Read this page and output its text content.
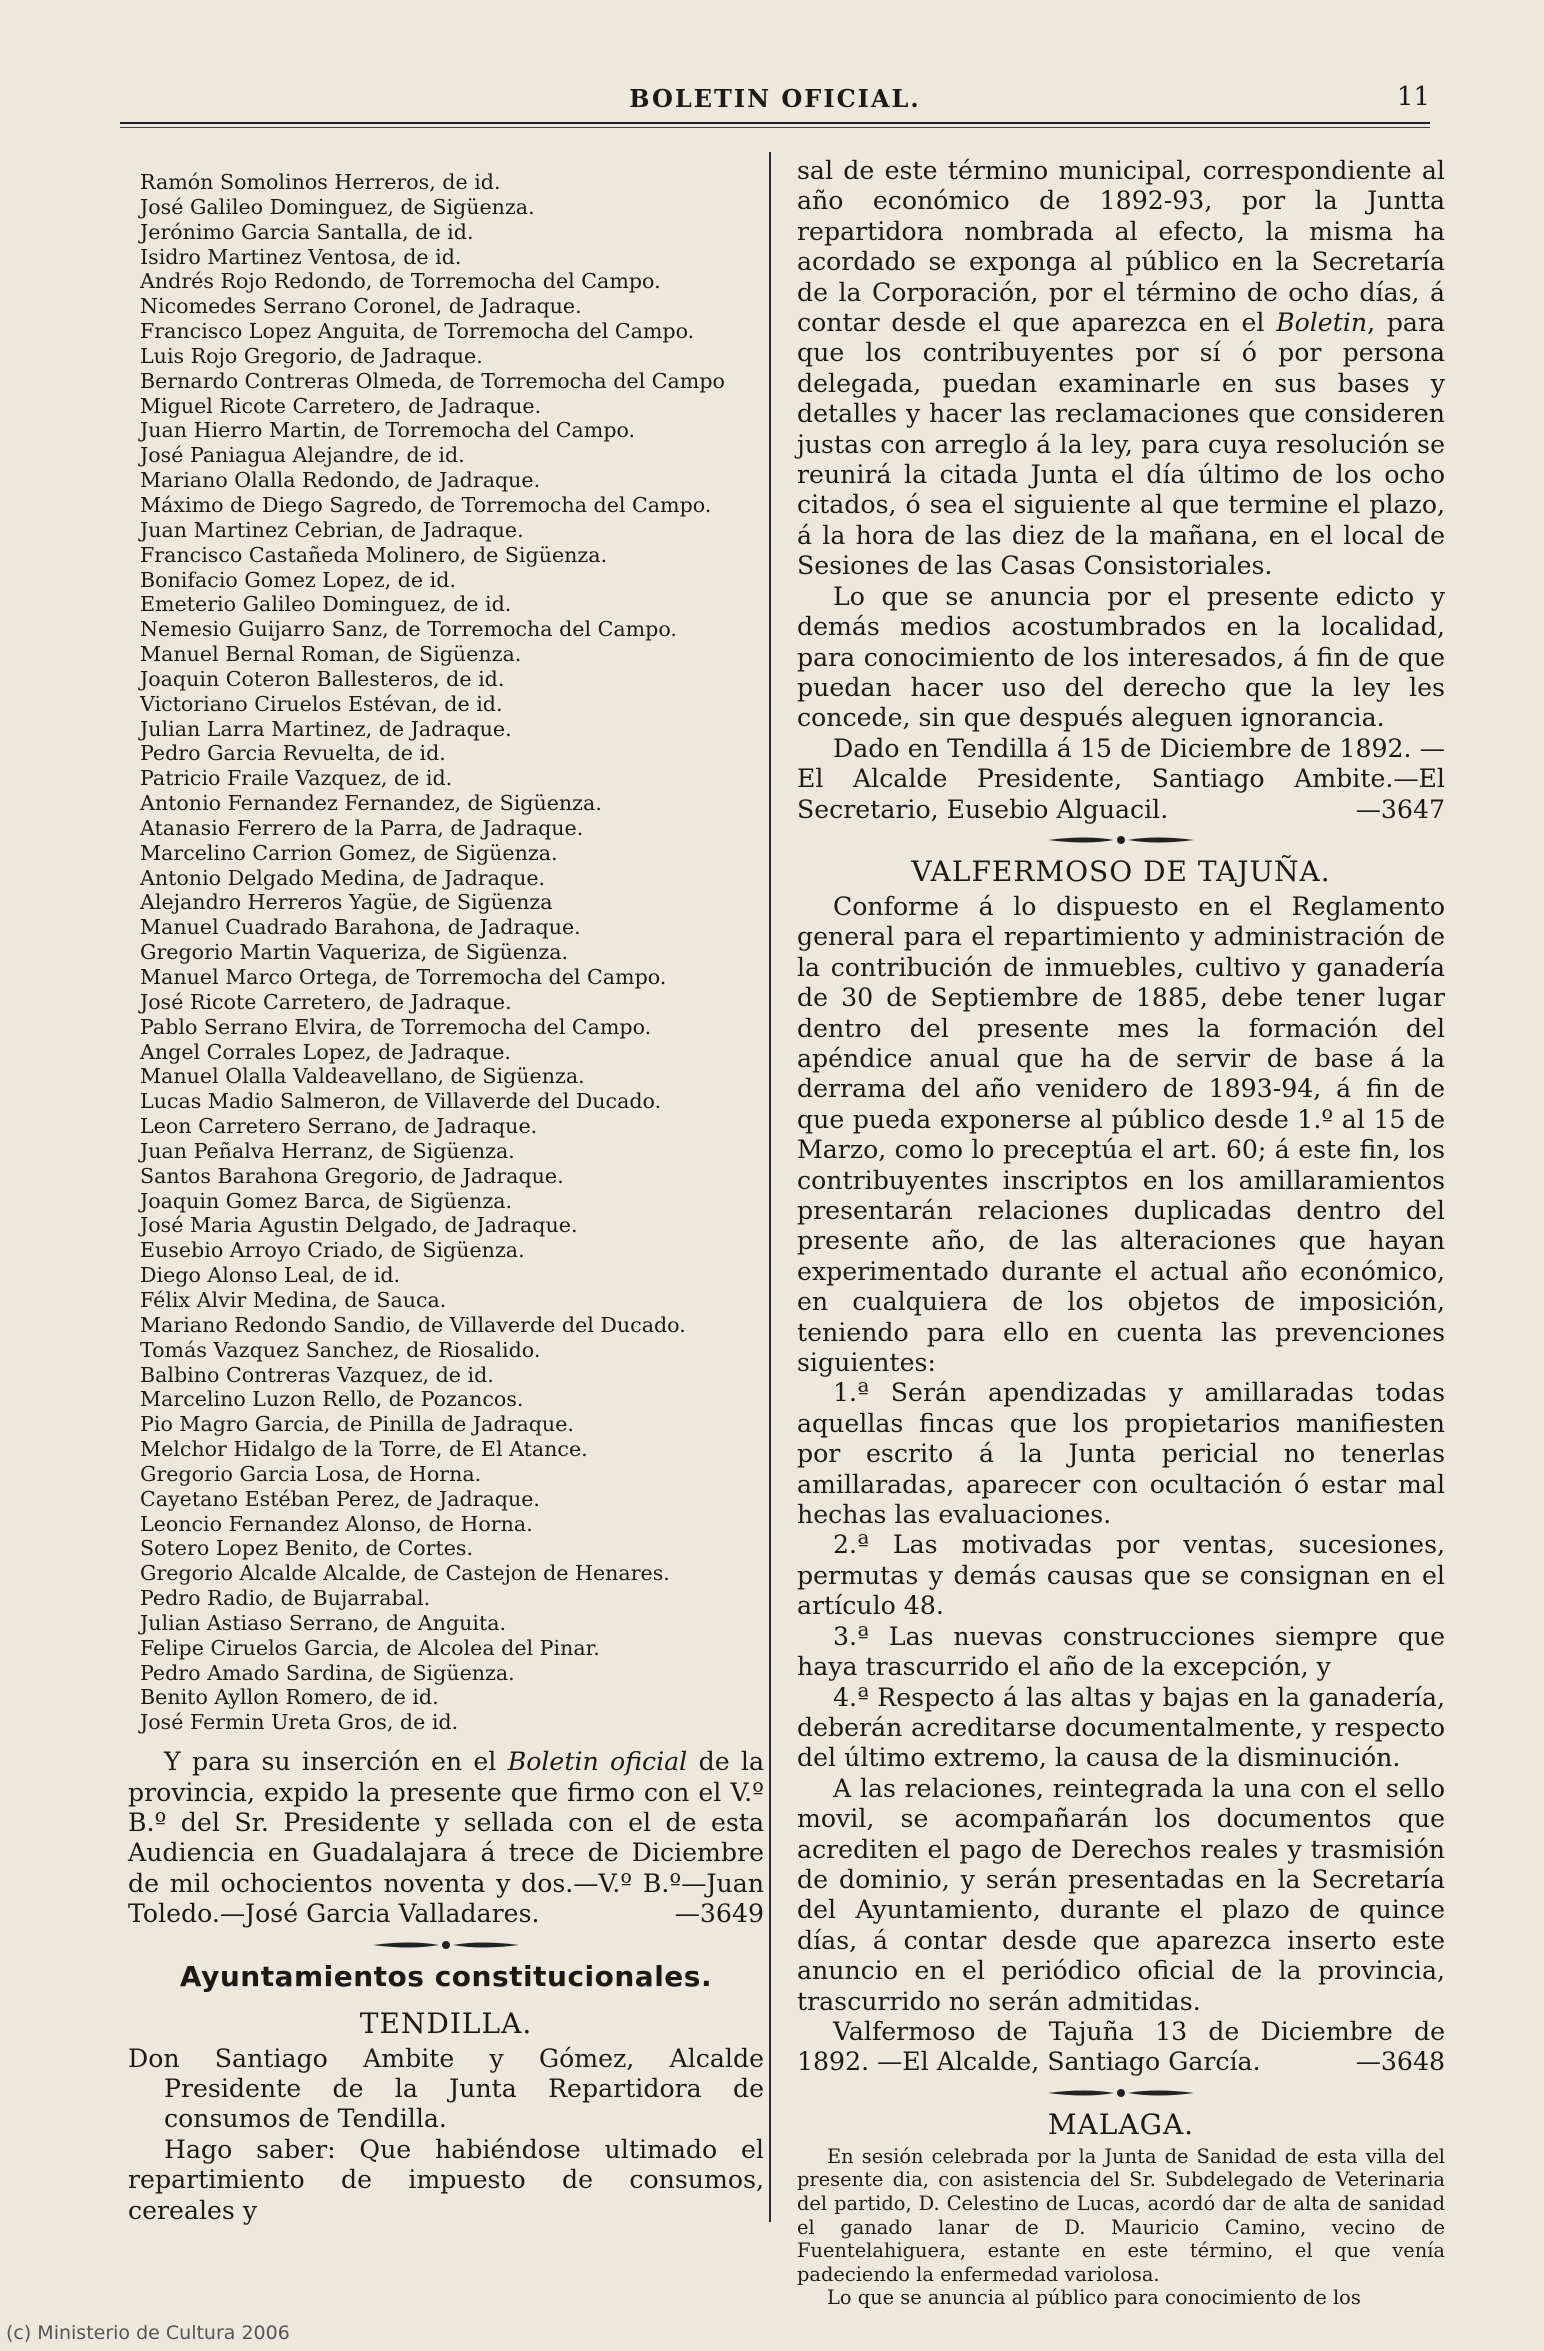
BOLETIN OFICIAL.	11
Ramón Somolinos Herreros, de id.
José Galileo Dominguez, de Sigüenza.
Jerónimo Garcia Santalla, de id.
Isidro Martinez Ventosa, de id.
Andrés Rojo Redondo, de Torremocha del Campo.
Nicomedes Serrano Coronel, de Jadraque.
Francisco Lopez Anguita, de Torremocha del Campo.
Luis Rojo Gregorio, de Jadraque.
Bernardo Contreras Olmeda, de Torremocha del Campo
Miguel Ricote Carretero, de Jadraque.
Juan Hierro Martin, de Torremocha del Campo.
José Paniagua Alejandre, de id.
Mariano Olalla Redondo, de Jadraque.
Máximo de Diego Sagredo, de Torremocha del Campo.
Juan Martinez Cebrian, de Jadraque.
Francisco Castañeda Molinero, de Sigüenza.
Bonifacio Gomez Lopez, de id.
Emeterio Galileo Dominguez, de id.
Nemesio Guijarro Sanz, de Torremocha del Campo.
Manuel Bernal Roman, de Sigüenza.
Joaquin Coteron Ballesteros, de id.
Victoriano Ciruelos Estévan, de id.
Julian Larra Martinez, de Jadraque.
Pedro Garcia Revuelta, de id.
Patricio Fraile Vazquez, de id.
Antonio Fernandez Fernandez, de Sigüenza.
Atanasio Ferrero de la Parra, de Jadraque.
Marcelino Carrion Gomez, de Sigüenza.
Antonio Delgado Medina, de Jadraque.
Alejandro Herreros Yagüe, de Sigüenza
Manuel Cuadrado Barahona, de Jadraque.
Gregorio Martin Vaqueriza, de Sigüenza.
Manuel Marco Ortega, de Torremocha del Campo.
José Ricote Carretero, de Jadraque.
Pablo Serrano Elvira, de Torremocha del Campo.
Angel Corrales Lopez, de Jadraque.
Manuel Olalla Valdeavellano, de Sigüenza.
Lucas Madio Salmeron, de Villaverde del Ducado.
Leon Carretero Serrano, de Jadraque.
Juan Peñalva Herranz, de Sigüenza.
Santos Barahona Gregorio, de Jadraque.
Joaquin Gomez Barca, de Sigüenza.
José Maria Agustin Delgado, de Jadraque.
Eusebio Arroyo Criado, de Sigüenza.
Diego Alonso Leal, de id.
Félix Alvir Medina, de Sauca.
Mariano Redondo Sandio, de Villaverde del Ducado.
Tomás Vazquez Sanchez, de Riosalido.
Balbino Contreras Vazquez, de id.
Marcelino Luzon Rello, de Pozancos.
Pio Magro Garcia, de Pinilla de Jadraque.
Melchor Hidalgo de la Torre, de El Atance.
Gregorio Garcia Losa, de Horna.
Cayetano Estéban Perez, de Jadraque.
Leoncio Fernandez Alonso, de Horna.
Sotero Lopez Benito, de Cortes.
Gregorio Alcalde Alcalde, de Castejon de Henares.
Pedro Radio, de Bujarrabal.
Julian Astiaso Serrano, de Anguita.
Felipe Ciruelos Garcia, de Alcolea del Pinar.
Pedro Amado Sardina, de Sigüenza.
Benito Ayllon Romero, de id.
José Fermin Ureta Gros, de id.

Y para su inserción en el Boletin oficial de la provincia, expido la presente que firmo con el V.º B.º del Sr. Presidente y sellada con el de esta Audiencia en Guadalajara á trece de Diciembre de mil ochocientos noventa y dos.—V.º B.º—Juan Toledo.—José Garcia Valladares.	—3649

Ayuntamientos constitucionales.
TENDILLA.

Don Santiago Ambite y Gómez, Alcalde Presidente de la Junta Repartidora de consumos de Tendilla.

Hago saber: Que habiéndose ultimado el repartimiento de impuesto de consumos, cereales y

sal de este término municipal, correspondiente al año económico de 1892-93, por la Juntta repartidora nombrada al efecto, la misma ha acordado se exponga al público en la Secretaría de la Corporación, por el término de ocho días, á contar desde el que aparezca en el Boletin, para que los contribuyentes por sí ó por persona delegada, puedan examinarle en sus bases y detalles y hacer las reclamaciones que consideren justas con arreglo á la ley, para cuya resolución se reunirá la citada Junta el día último de los ocho citados, ó sea el siguiente al que termine el plazo, á la hora de las diez de la mañana, en el local de Sesiones de las Casas Consistoriales.

Lo que se anuncia por el presente edicto y demás medios acostumbrados en la localidad, para conocimiento de los interesados, á fin de que puedan hacer uso del derecho que la ley les concede, sin que después aleguen ignorancia.

Dado en Tendilla á 15 de Diciembre de 1892. —El Alcalde Presidente, Santiago Ambite.—El Secretario, Eusebio Alguacil.	—3647

VALFERMOSO DE TAJUÑA.

Conforme á lo dispuesto en el Reglamento general para el repartimiento y administración de la contribución de inmuebles, cultivo y ganadería de 30 de Septiembre de 1885, debe tener lugar dentro del presente mes la formación del apéndice anual que ha de servir de base á la derrama del año venidero de 1893-94, á fin de que pueda exponerse al público desde 1.º al 15 de Marzo, como lo preceptúa el art. 60; á este fin, los contribuyentes inscriptos en los amillaramientos presentarán relaciones duplicadas dentro del presente año, de las alteraciones que hayan experimentado durante el actual año económico, en cualquiera de los objetos de imposición, teniendo para ello en cuenta las prevenciones siguientes:

1.ª Serán apendizadas y amillaradas todas aquellas fincas que los propietarios manifiesten por escrito á la Junta pericial no tenerlas amillaradas, aparecer con ocultación ó estar mal hechas las evaluaciones.

2.ª Las motivadas por ventas, sucesiones, permutas y demás causas que se consignan en el artículo 48.

3.ª Las nuevas construcciones siempre que haya trascurrido el año de la excepción, y

4.ª Respecto á las altas y bajas en la ganadería, deberán acreditarse documentalmente, y respecto del último extremo, la causa de la disminución.

A las relaciones, reintegrada la una con el sello movil, se acompañarán los documentos que acrediten el pago de Derechos reales y trasmisión de dominio, y serán presentadas en la Secretaría del Ayuntamiento, durante el plazo de quince días, á contar desde que aparezca inserto este anuncio en el periódico oficial de la provincia, trascurrido no serán admitidas.

Valfermoso de Tajuña 13 de Diciembre de 1892. —El Alcalde, Santiago García.	—3648

MALAGA.

En sesión celebrada por la Junta de Sanidad de esta villa del presente dia, con asistencia del Sr. Subdelegado de Veterinaria del partido, D. Celestino de Lucas, acordó dar de alta de sanidad el ganado lanar de D. Mauricio Camino, vecino de Fuentelahiguera, estante en este término, el que venía padeciendo la enfermedad variolosa.

Lo que se anuncia al público para conocimiento de los

(c) Ministerio de Cultura 2006
